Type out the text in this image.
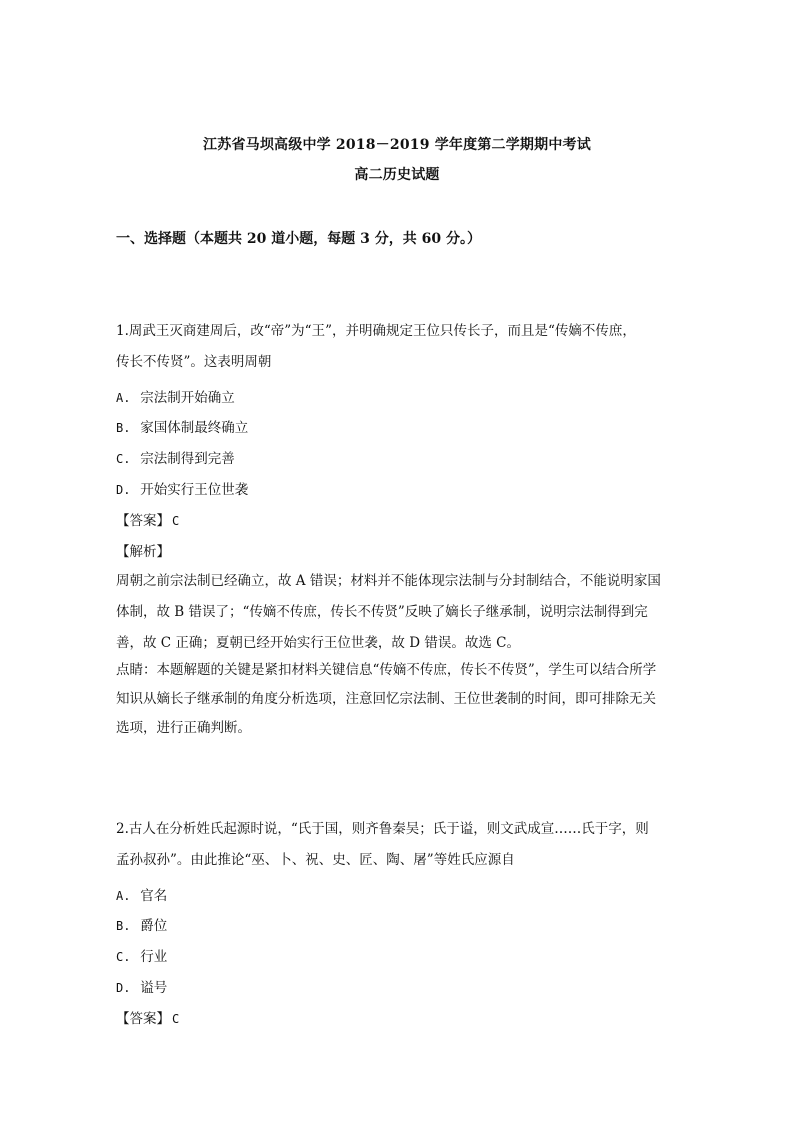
江苏省马坝高级中学 2018－2019 学年度第二学期期中考试
高二历史试题
一、选择题（本题共 20 道小题，每题 3 分，共 60 分。）
1.周武王灭商建周后，改“帝”为“王”，并明确规定王位只传长子，而且是“传嫡不传庶，
传长不传贤”。这表明周朝
A. 宗法制开始确立
B. 家国体制最终确立
C. 宗法制得到完善
D. 开始实行王位世袭
【答案】 C
【解析】
周朝之前宗法制已经确立，故 A 错误；材料并不能体现宗法制与分封制结合，不能说明家国
体制，故 B 错误了；“传嫡不传庶，传长不传贤”反映了嫡长子继承制，说明宗法制得到完
善，故 C 正确；夏朝已经开始实行王位世袭，故 D 错误。故选 C。
点睛：本题解题的关键是紧扣材料关键信息“传嫡不传庶，传长不传贤”，学生可以结合所学
知识从嫡长子继承制的角度分析选项，注意回忆宗法制、王位世袭制的时间，即可排除无关
选项，进行正确判断。
2.古人在分析姓氏起源时说，“氏于国，则齐鲁秦吴；氏于谥，则文武成宣……氏于字，则
孟孙叔孙”。由此推论“巫、卜、祝、史、匠、陶、屠”等姓氏应源自
A. 官名
B. 爵位
C. 行业
D. 谥号
【答案】 C
